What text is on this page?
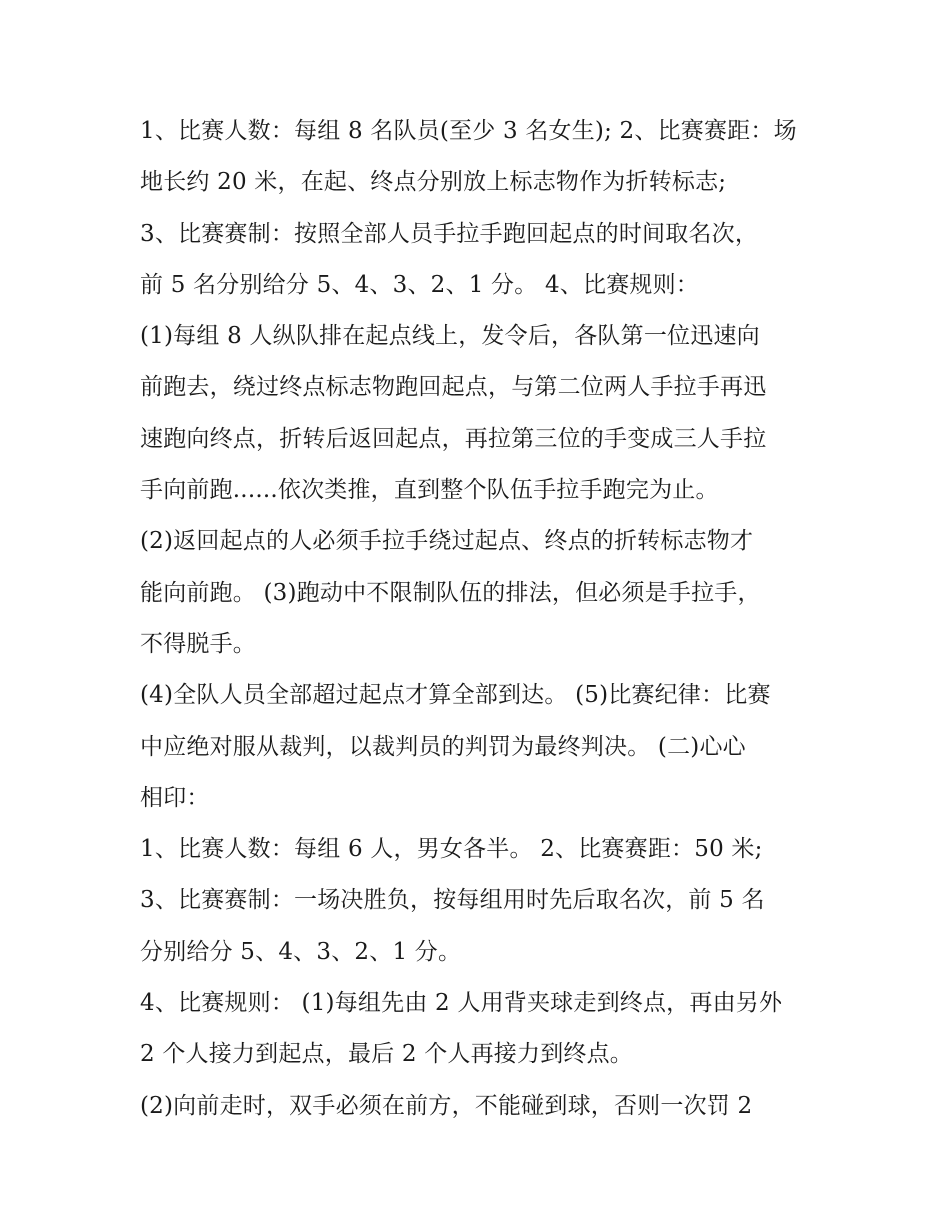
1、比赛人数：每组 8 名队员(至少 3 名女生); 2、比赛赛距：场
地长约 20 米，在起、终点分别放上标志物作为折转标志;
3、比赛赛制：按照全部人员手拉手跑回起点的时间取名次，
前 5 名分别给分 5、4、3、2、1 分。 4、比赛规则：
(1)每组 8 人纵队排在起点线上，发令后，各队第一位迅速向
前跑去，绕过终点标志物跑回起点，与第二位两人手拉手再迅
速跑向终点，折转后返回起点，再拉第三位的手变成三人手拉
手向前跑......依次类推，直到整个队伍手拉手跑完为止。
(2)返回起点的人必须手拉手绕过起点、终点的折转标志物才
能向前跑。 (3)跑动中不限制队伍的排法，但必须是手拉手，
不得脱手。
(4)全队人员全部超过起点才算全部到达。 (5)比赛纪律：比赛
中应绝对服从裁判，以裁判员的判罚为最终判决。 (二)心心
相印：
1、比赛人数：每组 6 人，男女各半。 2、比赛赛距：50 米;
3、比赛赛制：一场决胜负，按每组用时先后取名次，前 5 名
分别给分 5、4、3、2、1 分。
4、比赛规则： (1)每组先由 2 人用背夹球走到终点，再由另外
2 个人接力到起点，最后 2 个人再接力到终点。
(2)向前走时，双手必须在前方，不能碰到球，否则一次罚 2
